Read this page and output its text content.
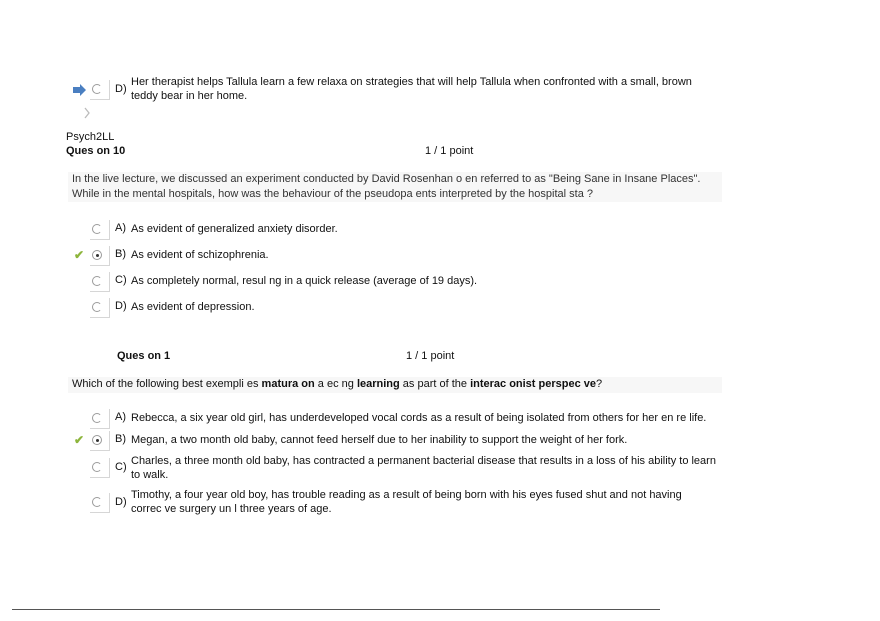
D)
Her therapist helps Tallula learn a few relaxa on strategies that will help Tallula when confronted with a small, brown teddy bear in her home.
Psych2LL
Ques on 10	1 / 1 point
In the live lecture, we discussed an experiment conducted by David Rosenhan o en referred to as "Being Sane in Insane Places". While in the mental hospitals, how was the behaviour of the pseudopa ents interpreted by the hospital sta ?
A) As evident of generalized anxiety disorder.
✔	B) As evident of schizophrenia.
C) As completely normal, resul ng in a quick release (average of 19 days).
D) As evident of depression.
Ques on 1	1 / 1 point
Which of the following best exempli es matura on a ec ng learning as part of the interac onist perspec ve?
A) Rebecca, a six year old girl, has underdeveloped vocal cords as a result of being isolated from others for her en re life.
✔	B) Megan, a two month old baby, cannot feed herself due to her inability to support the weight of her fork.
C) Charles, a three month old baby, has contracted a permanent bacterial disease that results in a loss of his ability to learn to walk.
D)
Timothy, a four year old boy, has trouble reading as a result of being born with his eyes fused shut and not having correc ve surgery un l three years of age.
